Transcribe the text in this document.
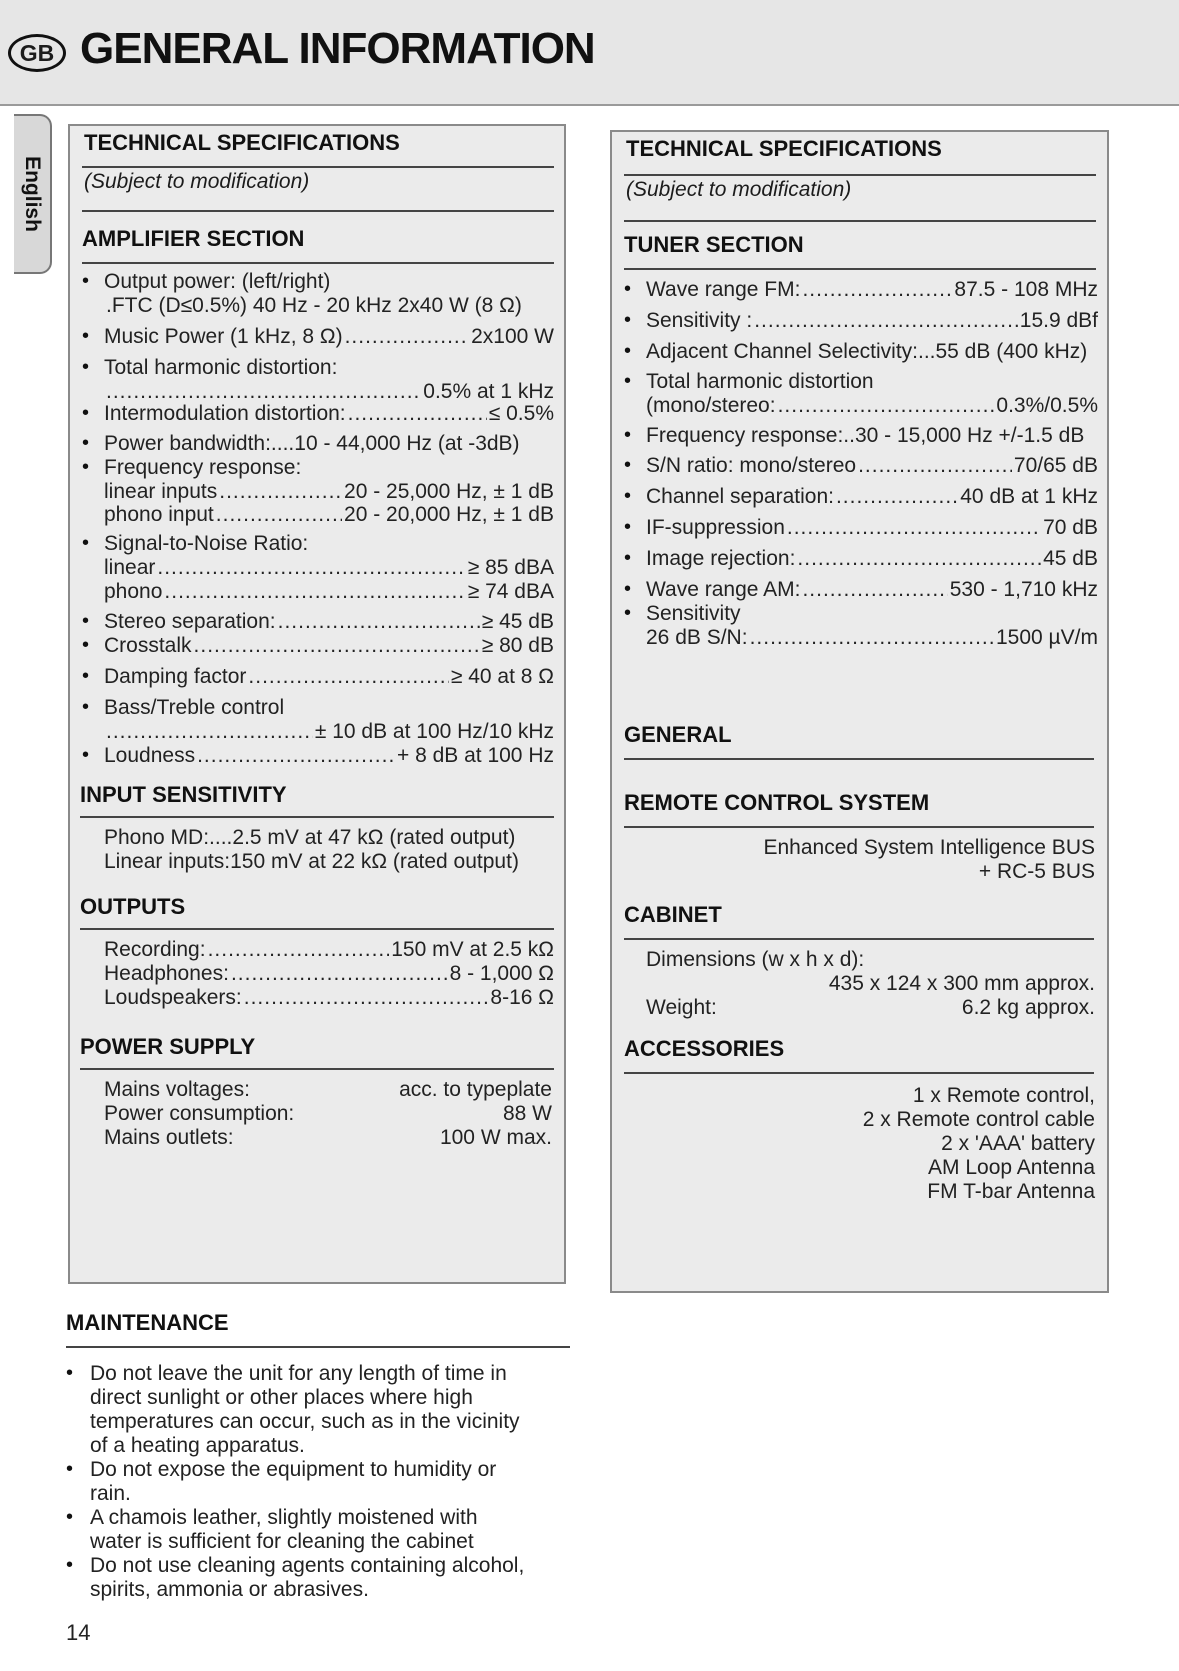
GB GENERAL INFORMATION
English
TECHNICAL SPECIFICATIONS
(Subject to modification)
AMPLIFIER SECTION
• Output power: (left/right)
.FTC (D≤0.5%) 40 Hz - 20 kHz 2x40 W (8 Ω)
• Music Power (1 kHz, 8 Ω) .....	2x100 W
• Total harmonic distortion:
.....
0.5% at 1 kHz
• Intermodulation distortion: .....	≤ 0.5%
• Power bandwidth:....10 - 44,000 Hz (at -3dB)
• Frequency response:
linear inputs .....	20 - 25,000 Hz, ± 1 dB
phono input .....	20 - 20,000 Hz, ± 1 dB
• Signal-to-Noise Ratio:
linear .....	≥ 85 dBA
phono .....	≥ 74 dBA
• Stereo separation: .....	≥ 45 dB
• Crosstalk .....	≥ 80 dB
• Damping factor .....	≥ 40 at 8 Ω
• Bass/Treble control
.....
± 10 dB at 100 Hz/10 kHz
• Loudness .....	+ 8 dB at 100 Hz
INPUT SENSITIVITY
Phono MD:....2.5 mV at 47 kΩ (rated output)
Linear inputs:150 mV at 22 kΩ (rated output)
OUTPUTS
Recording: .....	150 mV at 2.5 kΩ
Headphones: .....	8 - 1,000 Ω
Loudspeakers: .....	8-16 Ω
POWER SUPPLY
Mains voltages:	acc. to typeplate
Power consumption:	88 W
Mains outlets:	100 W max.
TECHNICAL SPECIFICATIONS
(Subject to modification)
TUNER SECTION
• Wave range FM: .....	87.5 - 108 MHz
• Sensitivity : .....	15.9 dBf
• Adjacent Channel Selectivity:...55 dB (400 kHz)
• Total harmonic distortion
(mono/stereo: .....	0.3%/0.5%
• Frequency response:..30 - 15,000 Hz +/-1.5 dB
• S/N ratio: mono/stereo .....	70/65 dB
• Channel separation: .....	40 dB at 1 kHz
• IF-suppression .....	70 dB
• Image rejection: .....	45 dB
• Wave range AM: .....	530 - 1,710 kHz
• Sensitivity
26 dB S/N: .....	1500 µV/m
GENERAL
REMOTE CONTROL SYSTEM
Enhanced System Intelligence BUS
+ RC-5 BUS
CABINET
Dimensions (w x h x d):
435 x 124 x 300 mm approx.
Weight:	6.2 kg approx.
ACCESSORIES
1 x Remote control,
2 x Remote control cable
2 x 'AAA' battery
AM Loop Antenna
FM T-bar Antenna
MAINTENANCE
• Do not leave the unit for any length of time in
direct sunlight or other places where high
temperatures can occur, such as in the vicinity
of a heating apparatus.
• Do not expose the equipment to humidity or
rain.
• A chamois leather, slightly moistened with
water is sufficient for cleaning the cabinet
• Do not use cleaning agents containing alcohol,
spirits, ammonia or abrasives.
14
